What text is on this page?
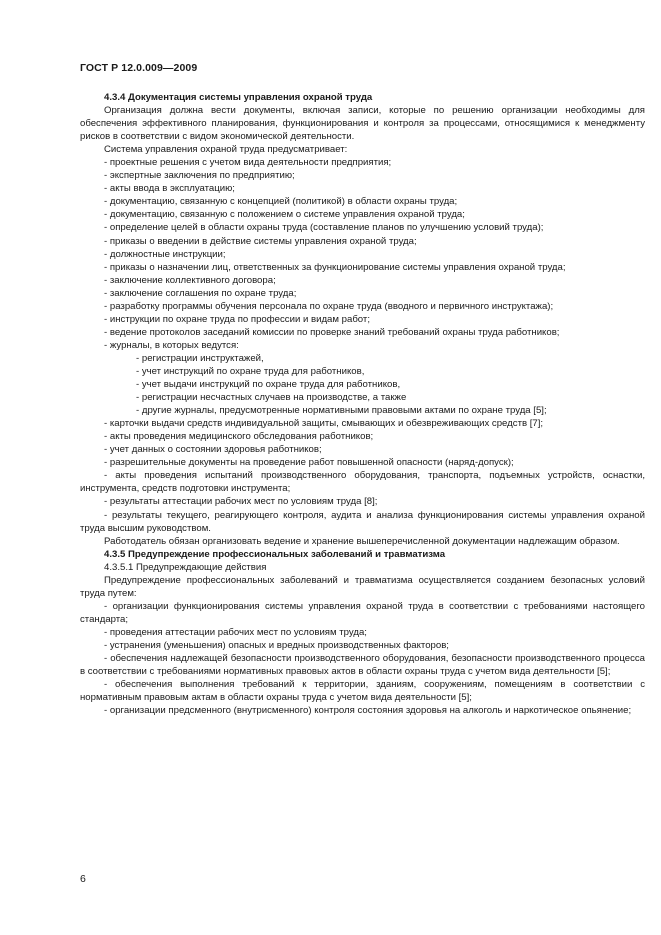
ГОСТ Р 12.0.009—2009

4.3.4 Документация системы управления охраной труда

Организация должна вести документы, включая записи, которые по решению организации необходимы для обеспечения эффективного планирования, функционирования и контроля за процессами, относящимися к менеджменту рисков в соответствии с видом экономической деятельности.

Система управления охраной труда предусматривает:

- проектные решения с учетом вида деятельности предприятия;

- экспертные заключения по предприятию;

- акты ввода в эксплуатацию;

- документацию, связанную с концепцией (политикой) в области охраны труда;

- документацию, связанную с положением о системе управления охраной труда;

- определение целей в области охраны труда (составление планов по улучшению условий труда);

- приказы о введении в действие системы управления охраной труда;

- должностные инструкции;

- приказы о назначении лиц, ответственных за функционирование системы управления охраной труда;

- заключение коллективного договора;

- заключение соглашения по охране труда;

- разработку программы обучения персонала по охране труда (вводного и первичного инструктажа);

- инструкции по охране труда по профессии и видам работ;

- ведение протоколов заседаний комиссии по проверке знаний требований охраны труда работников;

- журналы, в которых ведутся:

- регистрации инструктажей,

- учет инструкций по охране труда для работников,

- учет выдачи инструкций по охране труда для работников,

- регистрации несчастных случаев на производстве, а также

- другие журналы, предусмотренные нормативными правовыми актами по охране труда [5];

- карточки выдачи средств индивидуальной защиты, смывающих и обезвреживающих средств [7];

- акты проведения медицинского обследования работников;

- учет данных о состоянии здоровья работников;

- разрешительные документы на проведение работ повышенной опасности (наряд-допуск);

- акты проведения испытаний производственного оборудования, транспорта, подъемных устройств, оснастки, инструмента, средств подготовки инструмента;

- результаты аттестации рабочих мест по условиям труда [8];

- результаты текущего, реагирующего контроля, аудита и анализа функционирования системы управления охраной труда высшим руководством.

Работодатель обязан организовать ведение и хранение вышеперечисленной документации надлежащим образом.

4.3.5 Предупреждение профессиональных заболеваний и травматизма

4.3.5.1 Предупреждающие действия

Предупреждение профессиональных заболеваний и травматизма осуществляется созданием безопасных условий труда путем:

- организации функционирования системы управления охраной труда в соответствии с требованиями настоящего стандарта;

- проведения аттестации рабочих мест по условиям труда;

- устранения (уменьшения) опасных и вредных производственных факторов;

- обеспечения надлежащей безопасности производственного оборудования, безопасности производственного процесса в соответствии с требованиями нормативных правовых актов в области охраны труда с учетом вида деятельности [5];

- обеспечения выполнения требований к территории, зданиям, сооружениям, помещениям в соответствии с нормативным правовым актам в области охраны труда с учетом вида деятельности [5];

- организации предсменного (внутрисменного) контроля состояния здоровья на алкоголь и наркотическое опьянение;

6
